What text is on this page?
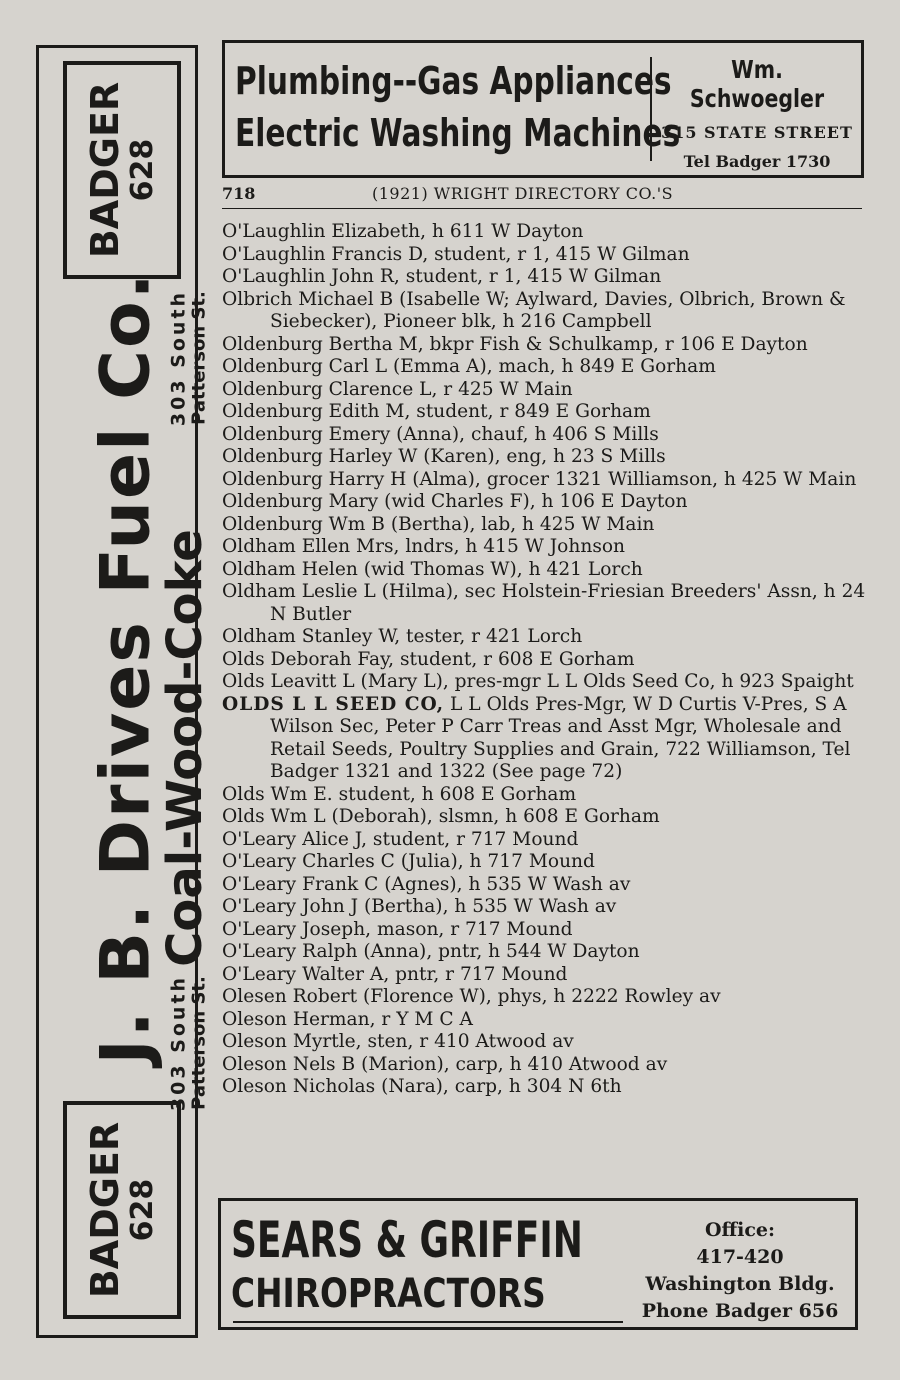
BADGER
628
303 South
Patterson St.
J. B. Drives Fuel Co.
Coal-Wood-Coke
303 South
Patterson St.
BADGER
628
Plumbing--Gas Appliances
Electric Washing Machines
Wm. Schwoegler
315 STATE STREET
Tel Badger 1730
718	(1921) WRIGHT DIRECTORY CO.'S

O'Laughlin Elizabeth, h 611 W Dayton

O'Laughlin Francis D, student, r 1, 415 W Gilman

O'Laughlin John R, student, r 1, 415 W Gilman

Olbrich Michael B (Isabelle W; Aylward, Davies, Olbrich, Brown & Siebecker), Pioneer blk, h 216 Campbell

Oldenburg Bertha M, bkpr Fish & Schulkamp, r 106 E Dayton

Oldenburg Carl L (Emma A), mach, h 849 E Gorham

Oldenburg Clarence L, r 425 W Main

Oldenburg Edith M, student, r 849 E Gorham

Oldenburg Emery (Anna), chauf, h 406 S Mills

Oldenburg Harley W (Karen), eng, h 23 S Mills

Oldenburg Harry H (Alma), grocer 1321 Williamson, h 425 W Main

Oldenburg Mary (wid Charles F), h 106 E Dayton

Oldenburg Wm B (Bertha), lab, h 425 W Main

Oldham Ellen Mrs, lndrs, h 415 W Johnson

Oldham Helen (wid Thomas W), h 421 Lorch

Oldham Leslie L (Hilma), sec Holstein-Friesian Breeders' Assn, h 24 N Butler

Oldham Stanley W, tester, r 421 Lorch

Olds Deborah Fay, student, r 608 E Gorham

Olds Leavitt L (Mary L), pres-mgr L L Olds Seed Co, h 923 Spaight

OLDS L L SEED CO, L L Olds Pres-Mgr, W D Curtis V-Pres, S A Wilson Sec, Peter P Carr Treas and Asst Mgr, Wholesale and Retail Seeds, Poultry Supplies and Grain, 722 Williamson, Tel Badger 1321 and 1322 (See page 72)

Olds Wm E. student, h 608 E Gorham

Olds Wm L (Deborah), slsmn, h 608 E Gorham

O'Leary Alice J, student, r 717 Mound

O'Leary Charles C (Julia), h 717 Mound

O'Leary Frank C (Agnes), h 535 W Wash av

O'Leary John J (Bertha), h 535 W Wash av

O'Leary Joseph, mason, r 717 Mound

O'Leary Ralph (Anna), pntr, h 544 W Dayton

O'Leary Walter A, pntr, r 717 Mound

Olesen Robert (Florence W), phys, h 2222 Rowley av

Oleson Herman, r Y M C A

Oleson Myrtle, sten, r 410 Atwood av

Oleson Nels B (Marion), carp, h 410 Atwood av

Oleson Nicholas (Nara), carp, h 304 N 6th

SEARS & GRIFFIN
CHIROPRACTORS
Office:
417-420
Washington Bldg.
Phone Badger 656
